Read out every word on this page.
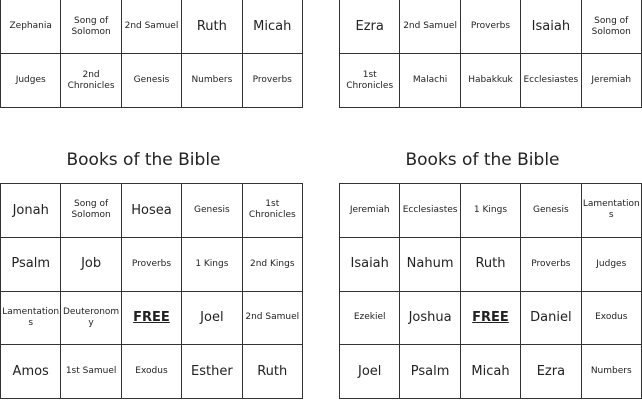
Zephania	Song of Solomon	2nd Samuel	Ruth	Micah
Judges	2nd Chronicles	Genesis	Numbers	Proverbs
Ezra	2nd Samuel	Proverbs	Isaiah	Song of Solomon
1st Chronicles	Malachi	Habakkuk	Ecclesiastes	Jeremiah
Books of the Bible	Books of the Bible
Jonah	Song of Solomon	Hosea	Genesis	1st Chronicles
Psalm	Job	Proverbs	1 Kings	2nd Kings
Lamentations	Deuteronomy	FREE	Joel	2nd Samuel
Amos	1st Samuel	Exodus	Esther	Ruth
Jeremiah	Ecclesiastes	1 Kings	Genesis	Lamentations
Isaiah	Nahum	Ruth	Proverbs	Judges
Ezekiel	Joshua	FREE	Daniel	Exodus
Joel	Psalm	Micah	Ezra	Numbers
